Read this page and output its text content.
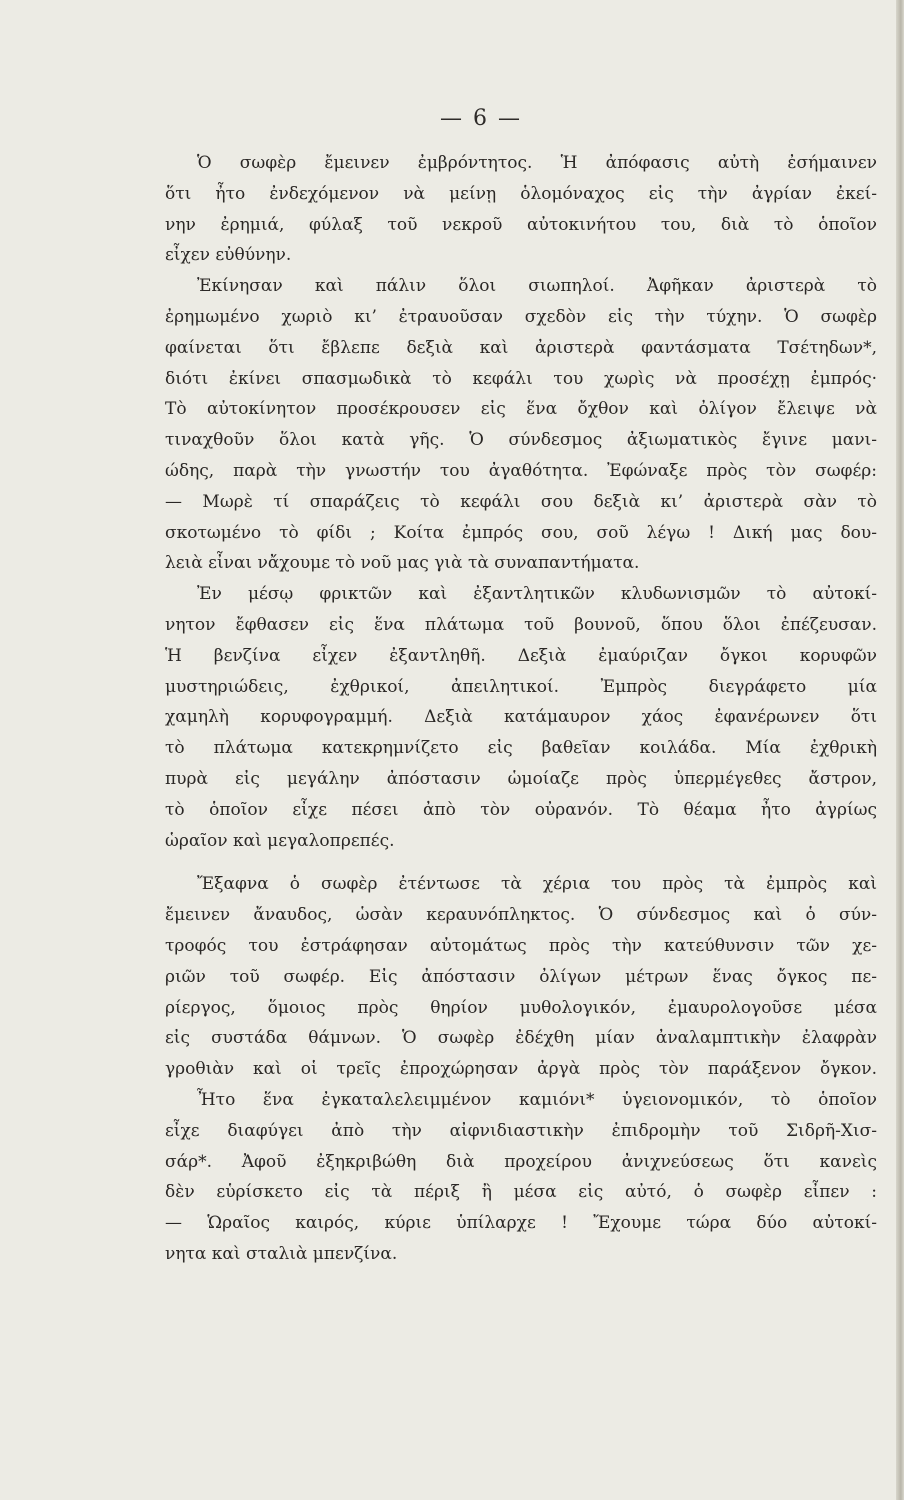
— 6 —

Ὁ σωφὲρ ἔμεινεν ἐμβρόντητος. Ἡ ἀπόφασις αὐτὴ ἐσήμαινεν
ὅτι ἦτο ἐνδεχόμενον νὰ μείνῃ ὁλομόναχος εἰς τὴν ἀγρίαν ἐκεί-
νην ἐρημιά, φύλαξ τοῦ νεκροῦ αὐτοκινήτου του, διὰ τὸ ὁποῖον
εἶχεν εὐθύνην.

Ἐκίνησαν καὶ πάλιν ὅλοι σιωπηλοί. Ἀφῆκαν ἀριστερὰ τὸ
ἐρημωμένο χωριὸ κι’ ἐτραυοῦσαν σχεδὸν εἰς τὴν τύχην. Ὁ σωφὲρ
φαίνεται ὅτι ἔβλεπε δεξιὰ καὶ ἀριστερὰ φαντάσματα Τσέτηδων*,
διότι ἐκίνει σπασμωδικὰ τὸ κεφάλι του χωρὶς νὰ προσέχῃ ἐμπρός·
Τὸ αὐτοκίνητον προσέκρουσεν εἰς ἕνα ὄχθον καὶ ὀλίγον ἔλειψε νὰ
τιναχθοῦν ὅλοι κατὰ γῆς. Ὁ σύνδεσμος ἀξιωματικὸς ἔγινε μανι-
ώδης, παρὰ τὴν γνωστήν του ἀγαθότητα. Ἐφώναξε πρὸς τὸν σωφέρ:
— Μωρὲ τί σπαράζεις τὸ κεφάλι σου δεξιὰ κι’ ἀριστερὰ σὰν τὸ
σκοτωμένο τὸ φίδι ; Κοίτα ἐμπρός σου, σοῦ λέγω ! Δική μας δου-
λειὰ εἶναι νἄχουμε τὸ νοῦ μας γιὰ τὰ συναπαντήματα.

Ἐν μέσῳ φρικτῶν καὶ ἐξαντλητικῶν κλυδωνισμῶν τὸ αὐτοκί-
νητον ἔφθασεν εἰς ἕνα πλάτωμα τοῦ βουνοῦ, ὅπου ὅλοι ἐπέζευσαν.
Ἡ βενζίνα εἶχεν ἐξαντληθῆ. Δεξιὰ ἐμαύριζαν ὄγκοι κορυφῶν
μυστηριώδεις, ἐχθρικοί, ἀπειλητικοί. Ἐμπρὸς διεγράφετο μία
χαμηλὴ κορυφογραμμή. Δεξιὰ κατάμαυρον χάος ἐφανέρωνεν ὅτι
τὸ πλάτωμα κατεκρημνίζετο εἰς βαθεῖαν κοιλάδα. Μία ἐχθρικὴ
πυρὰ εἰς μεγάλην ἀπόστασιν ὡμοίαζε πρὸς ὑπερμέγεθες ἄστρον,
τὸ ὁποῖον εἶχε πέσει ἀπὸ τὸν οὐρανόν. Τὸ θέαμα ἦτο ἀγρίως
ὡραῖον καὶ μεγαλοπρεπές.

Ἔξαφνα ὁ σωφὲρ ἐτέντωσε τὰ χέρια του πρὸς τὰ ἐμπρὸς καὶ
ἔμεινεν ἄναυδος, ὡσὰν κεραυνόπληκτος. Ὁ σύνδεσμος καὶ ὁ σύν-
τροφός του ἐστράφησαν αὐτομάτως πρὸς τὴν κατεύθυνσιν τῶν χε-
ριῶν τοῦ σωφέρ. Εἰς ἀπόστασιν ὀλίγων μέτρων ἕνας ὄγκος πε-
ρίεργος, ὅμοιος πρὸς θηρίον μυθολογικόν, ἐμαυρολογοῦσε μέσα
εἰς συστάδα θάμνων. Ὁ σωφὲρ ἐδέχθη μίαν ἀναλαμπτικὴν ἐλαφρὰν
γροθιὰν καὶ οἱ τρεῖς ἐπροχώρησαν ἀργὰ πρὸς τὸν παράξενον ὄγκον.
Ἦτο ἕνα ἐγκαταλελειμμένον καμιόνι* ὑγειονομικόν, τὸ ὁποῖον
εἶχε διαφύγει ἀπὸ τὴν αἰφνιδιαστικὴν ἐπιδρομὴν τοῦ Σιδρῆ-Χισ-
σάρ*. Ἀφοῦ ἐξηκριβώθη διὰ προχείρου ἀνιχνεύσεως ὅτι κανεὶς
δὲν εὑρίσκετο εἰς τὰ πέριξ ἢ μέσα εἰς αὐτό, ὁ σωφὲρ εἶπεν :
— Ὡραῖος καιρός, κύριε ὑπίλαρχε ! Ἔχουμε τώρα δύο αὐτοκί-
νητα καὶ σταλιὰ μπενζίνα.
